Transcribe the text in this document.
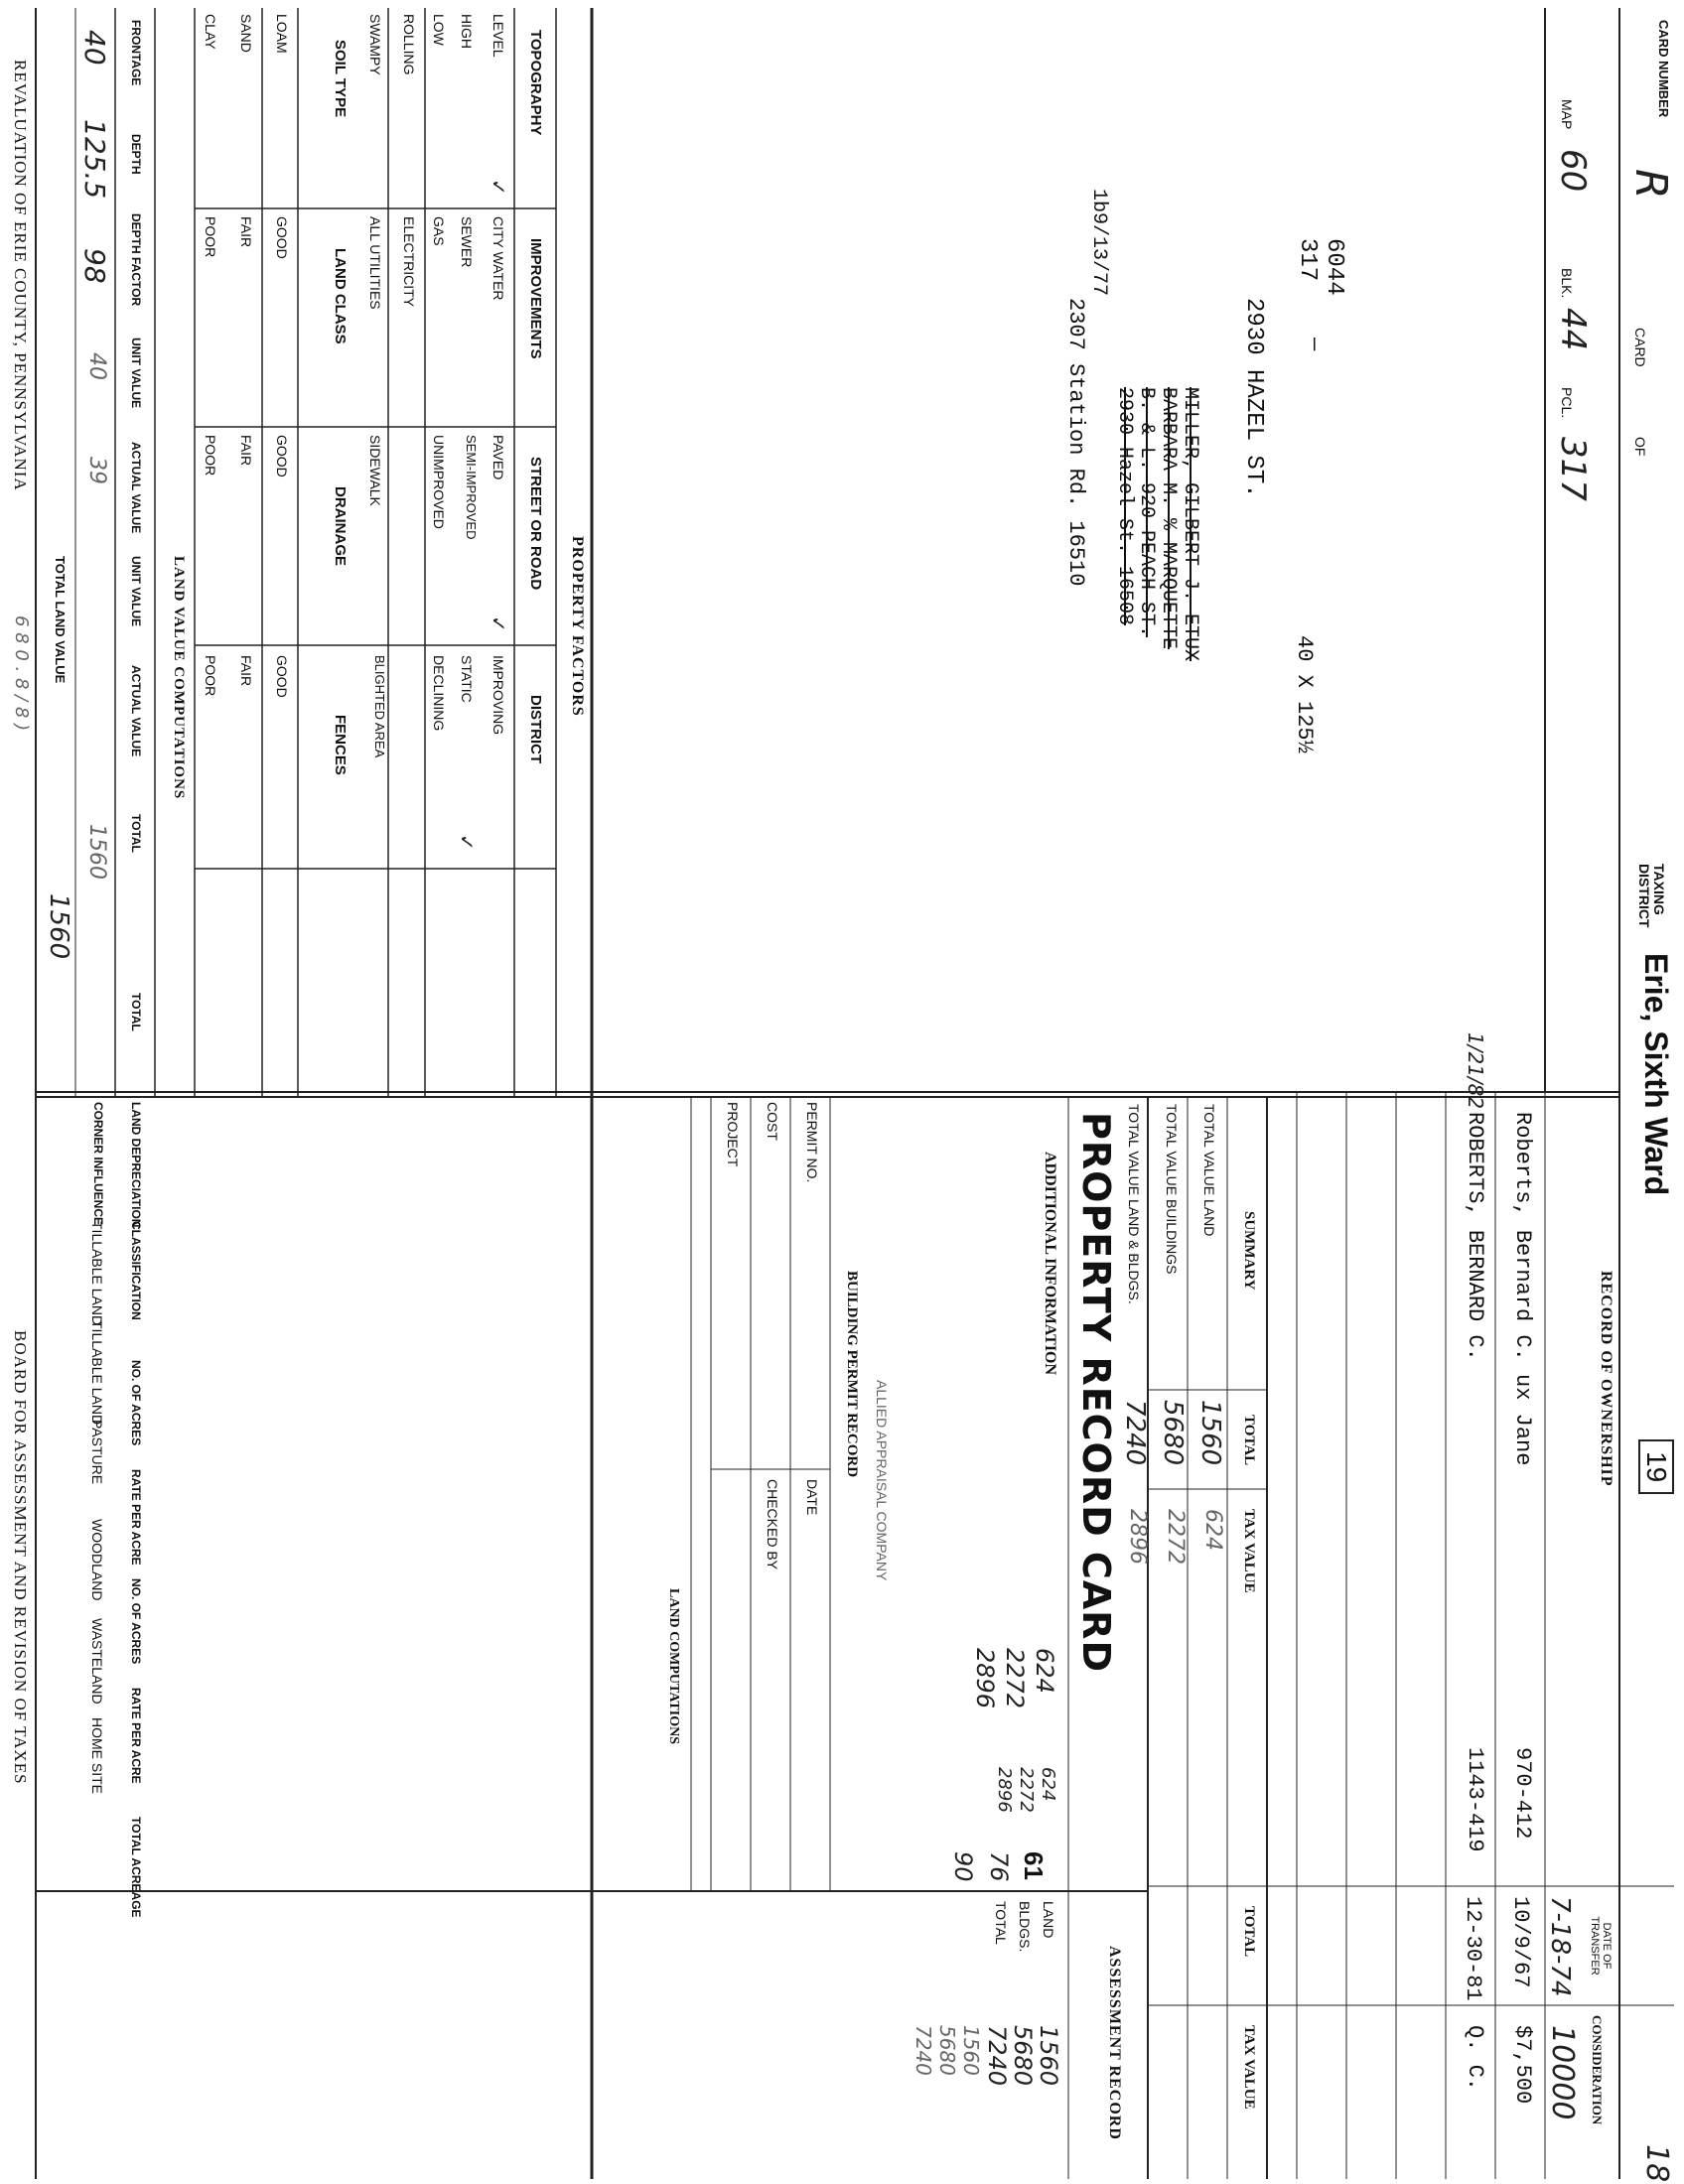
CARD NUMBER
R
CARD
OF
TAXING DISTRICT
Erie, Sixth Ward
19
18
MAP
60
BLK.
44
PCL.
317
6044
317
2930 HAZEL ST.
40 X 125½
—
MILLER, GILBERT J. ETUX
BARBARA M. % MARQUETTE
B. & L. 920 PEACH ST.
2930 Hazel St. 16508
1b9/13/77
2307 Station Rd. 16510
RECORD OF OWNERSHIP
DATE OF TRANSFER
CONSIDERATION
7-18-74
10000
Roberts, Bernard C. ux Jane
970-412
10/9/67
$7,500
1/21/82
ROBERTS, BERNARD C.
1143-419
12-30-81
Q. C.
SUMMARY
TOTAL
TAX VALUE
TOTAL
TAX VALUE
TOTAL VALUE LAND
1560
624
TOTAL VALUE BUILDINGS
5680
2272
TOTAL VALUE LAND & BLDGS.
7240
2896
PROPERTY RECORD CARD
ADDITIONAL INFORMATION
624
2272
2896
624
2272
2896
ALLIED APPRAISAL COMPANY
BUILDING PERMIT RECORD
PERMIT NO.
DATE
COST
CHECKED BY
PROJECT
LAND COMPUTATIONS
ASSESSMENT RECORD
LAND
BLDGS.
TOTAL
1560
5680
7240
1560
5680
7240
61
76
90
PROPERTY FACTORS
TOPOGRAPHY
IMPROVEMENTS
STREET OR ROAD
DISTRICT
LEVEL
HIGH
LOW
ROLLING
SWAMPY
✓
CITY WATER
SEWER
GAS
ELECTRICITY
ALL UTILITIES
PAVED
SEMI-IMPROVED
UNIMPROVED
SIDEWALK
✓
IMPROVING
STATIC
DECLINING
BLIGHTED AREA
✓
SOIL TYPE
LAND CLASS
DRAINAGE
FENCES
LOAM
SAND
CLAY
GOOD
FAIR
POOR
GOOD
FAIR
POOR
GOOD
FAIR
POOR
LAND VALUE COMPUTATIONS
FRONTAGE
DEPTH
DEPTH FACTOR
UNIT VALUE
ACTUAL VALUE
UNIT VALUE
ACTUAL VALUE
TOTAL
TOTAL
40
125.5
98
40
39
1560
LAND DEPRECIATION
CORNER INFLUENCE
CLASSIFICATION
NO. OF ACRES
RATE PER ACRE
NO. OF ACRES
RATE PER ACRE
TILLABLE LAND
TILLABLE LAND
PASTURE
WOODLAND
WASTELAND
HOME SITE
TOTAL ACREAGE
TOTAL LAND VALUE
1560
REVALUATION OF ERIE COUNTY, PENNSYLVANIA
6 8 0 . 8 / 8 )
BOARD FOR ASSESSMENT AND REVISION OF TAXES
